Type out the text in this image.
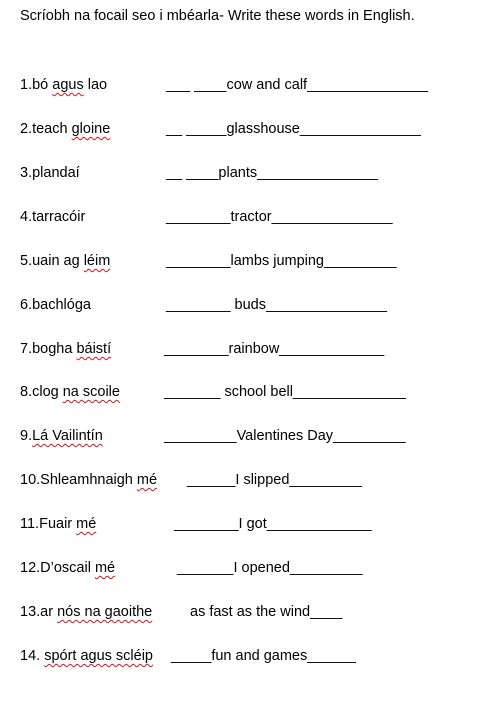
Scríobh na focail seo i mbéarla- Write these words in English.
1.bó agus lao	___ ____cow and calf_______________
2.teach gloine	__ _____glasshouse_______________
3.plandaí	__ ____plants_______________
4.tarracóir	________tractor_______________
5.uain ag léim	________lambs jumping_________
6.bachlóga	________ buds_______________
7.bogha báistí	________rainbow_____________
8.clog na scoile	_______ school bell______________
9.Lá Vailintín	_________Valentines Day_________
10.Shleamhnaigh mé ______I slipped_________
11.Fuair mé	________I got_____________
12.D’oscail mé	_______I opened_________
13.ar nós na gaoithe	as fast as the wind____
14. spórt agus scléip _____fun and games______
